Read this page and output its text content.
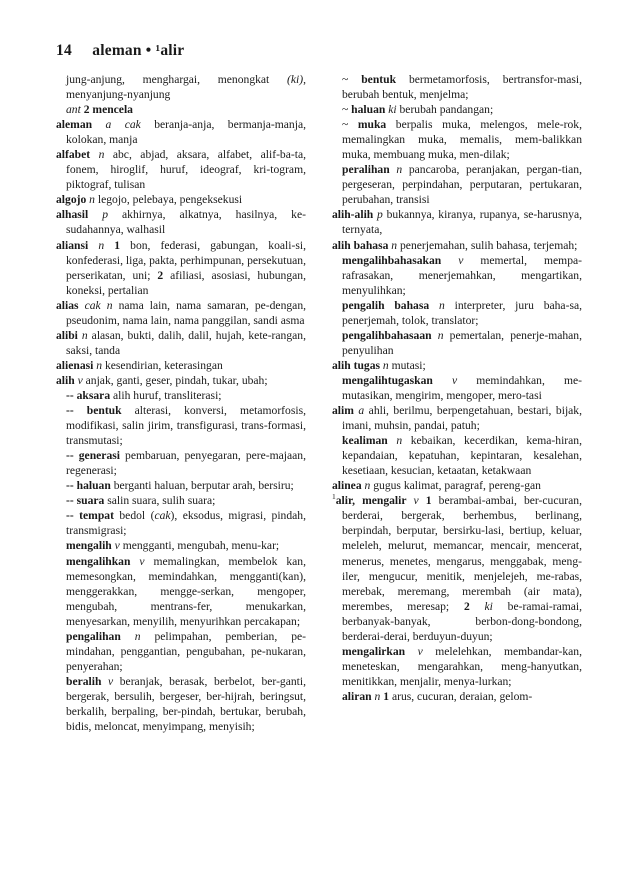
14 aleman • ¹alir

jung-anjung, menghargai, menongkat (ki), menyanjung-nyanjung

ant 2 mencela

aleman a cak beranja-anja, bermanja-manja, kolokan, manja

alfabet n abc, abjad, aksara, alfabet, alif-ba-ta, fonem, hiroglif, huruf, ideograf, kri-togram, piktograf, tulisan

algojo n legojo, pelebaya, pengeksekusi

alhasil p akhirnya, alkatnya, hasilnya, ke-sudahannya, walhasil

aliansi n 1 bon, federasi, gabungan, koali-si, konfederasi, liga, pakta, perhimpunan, persekutuan, perserikatan, uni; 2 afiliasi, asosiasi, hubungan, koneksi, pertalian

alias cak n nama lain, nama samaran, pe-dengan, pseudonim, nama lain, nama panggilan, sandi asma

alibi n alasan, bukti, dalih, dalil, hujah, kete-rangan, saksi, tanda

alienasi n kesendirian, keterasingan

alih v anjak, ganti, geser, pindah, tukar, ubah;

-- aksara alih huruf, transliterasi;

-- bentuk alterasi, konversi, metamorfosis, modifikasi, salin jirim, transfigurasi, trans-formasi, transmutasi;

-- generasi pembaruan, penyegaran, pere-majaan, regenerasi;

-- haluan berganti haluan, berputar arah, bersiru;

-- suara salin suara, sulih suara;

-- tempat bedol (cak), eksodus, migrasi, pindah, transmigrasi;

mengalih v mengganti, mengubah, menu-kar;

mengalihkan v memalingkan, membelok kan, memesongkan, memindahkan, mengganti(kan), menggerakkan, mengge-serkan, mengoper, mengubah, mentrans-fer, menukarkan, menyesarkan, menyilih, menyurihkan percakapan;

pengalihan n pelimpahan, pemberian, pe-mindahan, penggantian, pengubahan, pe-nukaran, penyerahan;

beralih v beranjak, berasak, berbelot, ber-ganti, bergerak, bersulih, bergeser, ber-hijrah, beringsut, berkalih, berpaling, ber-pindah, bertukar, berubah, bidis, meloncat, menyimpang, menyisih;

~ bentuk bermetamorfosis, bertransfor-masi, berubah bentuk, menjelma;

~ haluan ki berubah pandangan;

~ muka berpalis muka, melengos, mele-rok, memalingkan muka, memalis, mem-balikkan muka, membuang muka, men-dilak;

peralihan n pancaroba, peranjakan, pergan-tian, pergeseran, perpindahan, perputaran, pertukaran, perubahan, transisi

alih-alih p bukannya, kiranya, rupanya, se-harusnya, ternyata,

alih bahasa n penerjemahan, sulih bahasa, terjemah;

mengalihbahasakan v memertal, mempa-rafrasakan, menerjemahkan, mengartikan, menyulihkan;

pengalih bahasa n interpreter, juru baha-sa, penerjemah, tolok, translator;

pengalihbahasaan n pemertalan, penerje-mahan, penyulihan

alih tugas n mutasi;

mengalihtugaskan v memindahkan, me-mutasikan, mengirim, mengoper, mero-tasi

alim a ahli, berilmu, berpengetahuan, bestari, bijak, imani, muhsin, pandai, patuh;

kealiman n kebaikan, kecerdikan, kema-hiran, kepandaian, kepatuhan, kepintaran, kesalehan, kesetiaan, kesucian, ketaatan, ketakwaan

alinea n gugus kalimat, paragraf, pereng-gan

$^1$alir, mengalir v 1 berambai-ambai, ber-cucuran, berderai, bergerak, berhembus, berlinang, berpindah, berputar, bersirku-lasi, bertiup, keluar, meleleh, melurut, memancar, mencair, mencerat, menerus, menetes, mengarus, menggabak, meng-iler, mengucur, menitik, menjelejeh, me-rabas, merebak, meremang, merembah (air mata), merembes, meresap; 2 ki be-ramai-ramai, berbanyak-banyak, berbon-dong-bondong, berderai-derai, berduyun-duyun;

mengalirkan v melelehkan, membandar-kan, meneteskan, mengarahkan, meng-hanyutkan, menitikkan, menjalir, menya-lurkan;

aliran n 1 arus, cucuran, deraian, gelom-
